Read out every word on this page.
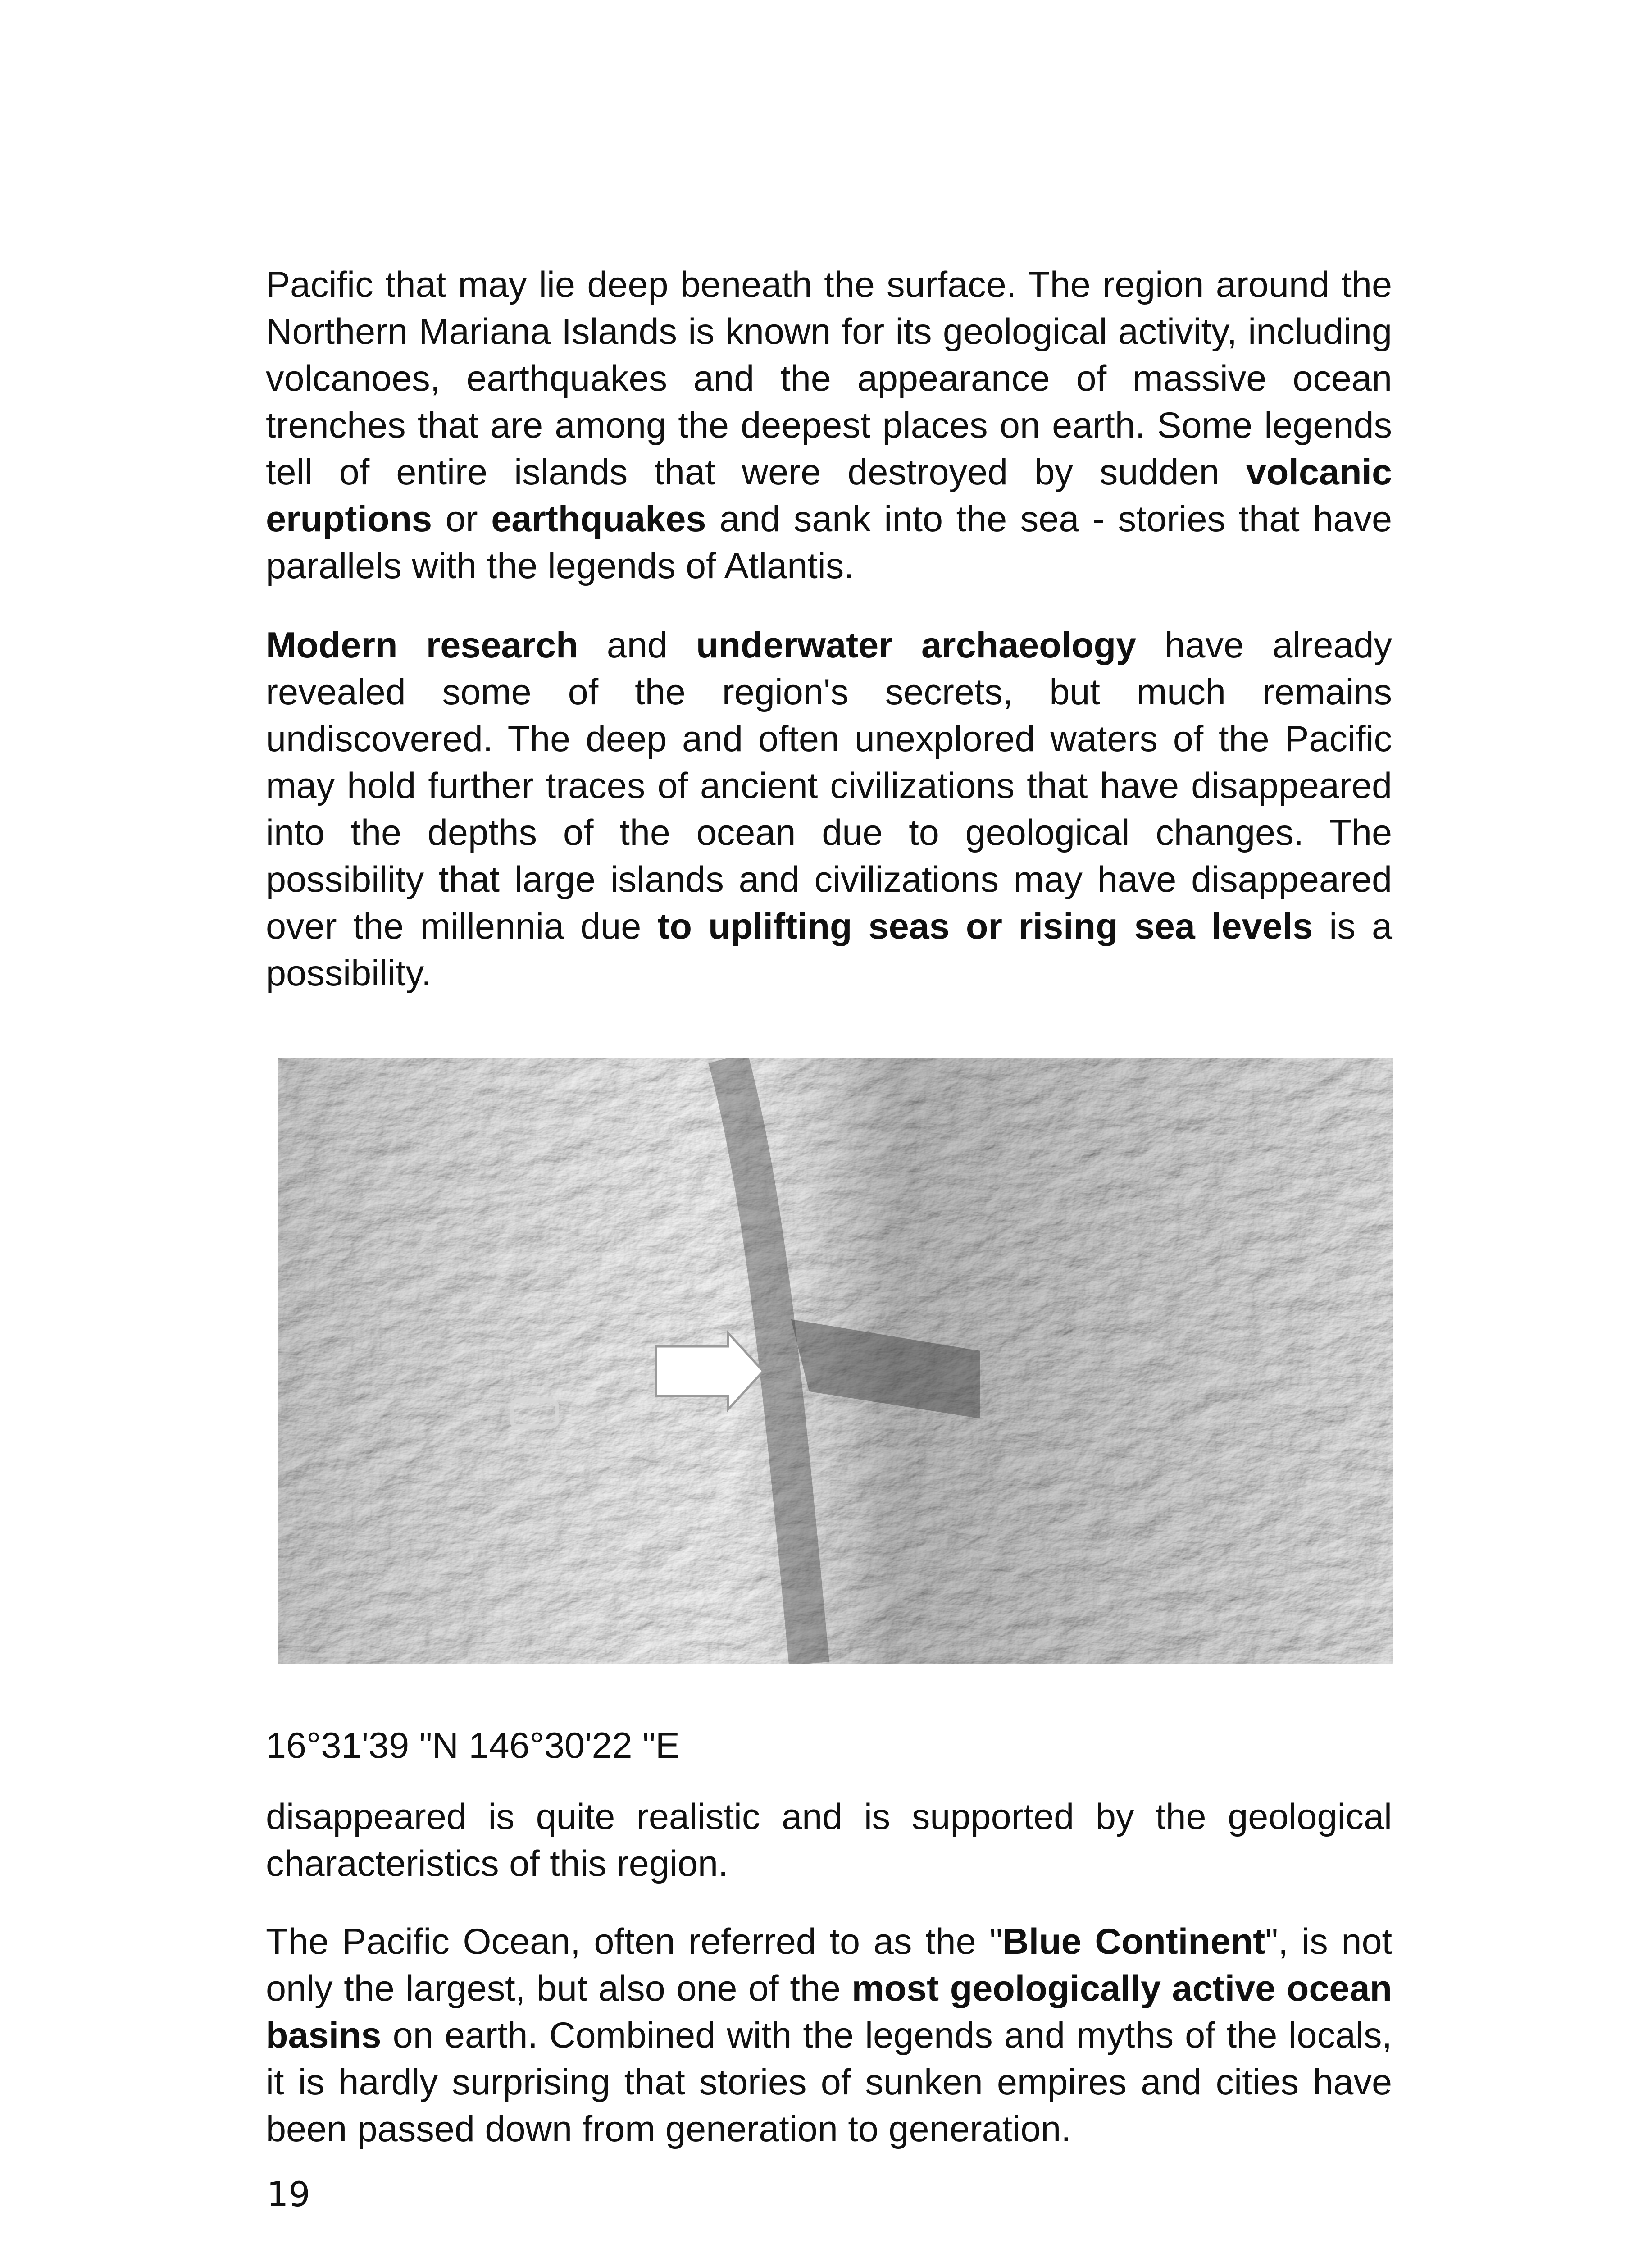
Pacific that may lie deep beneath the surface. The region around the Northern Mariana Islands is known for its geological activity, including volcanoes, earthquakes and the appearance of massive ocean trenches that are among the deepest places on earth. Some legends tell of entire islands that were destroyed by sudden volcanic eruptions or earthquakes and sank into the sea - stories that have parallels with the legends of Atlantis.

Modern research and underwater archaeology have already revealed some of the region's secrets, but much remains undiscovered. The deep and often unexplored waters of the Pacific may hold further traces of ancient civilizations that have disappeared into the depths of the ocean due to geological changes. The possibility that large islands and civilizations may have disappeared over the millennia due to uplifting seas or rising sea levels is a possibility.

16°31'39 "N 146°30'22 "E

disappeared is quite realistic and is supported by the geological characteristics of this region.

The Pacific Ocean, often referred to as the "Blue Continent", is not only the largest, but also one of the most geologically active ocean basins on earth. Combined with the legends and myths of the locals, it is hardly surprising that stories of sunken empires and cities have been passed down from generation to generation.

19
